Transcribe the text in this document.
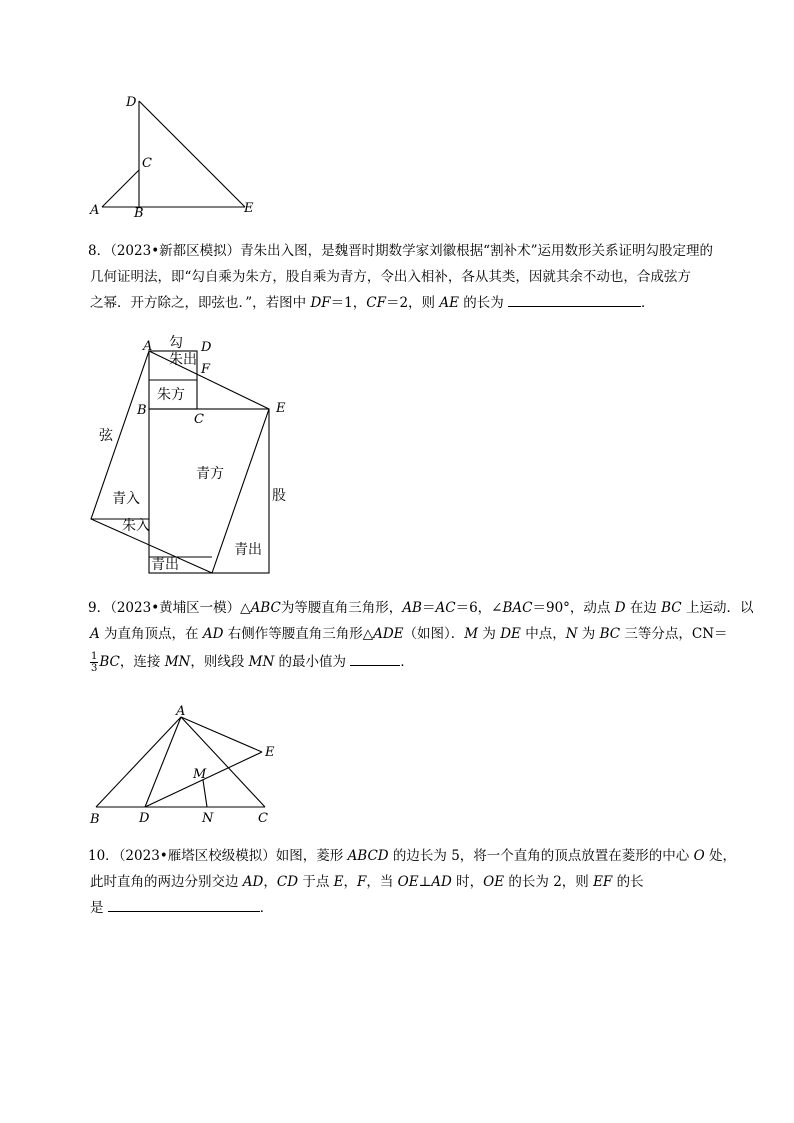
D
C
A	B	E
8．（2023•新都区模拟）青朱出入图，是魏晋时期数学家刘徽根据“割补术”运用数形关系证明勾股定理的
几何证明法，即“勾自乘为朱方，股自乘为青方，令出入相补，各从其类，因就其余不动也，合成弦方
之幂．开方除之，即弦也．”，若图中 DF＝1，CF＝2，则 AE 的长为	．
A	D
F
B
C
E
勾
朱出
朱方
弦
青方
股
青入
朱入
青出
青出
9．（2023•黄埔区一模）△ABC为等腰直角三角形，AB＝AC＝6，∠BAC＝90°，动点 D 在边 BC 上运动．以
A 为直角顶点，在 AD 右侧作等腰直角三角形△ADE（如图）．M 为 DE 中点，N 为 BC 三等分点，CN＝
$\frac{1}{3}$ BC，连接 MN，则线段 MN 的最小值为	．
A
E
M
B	D	N	C
10．（2023•雁塔区校级模拟）如图，菱形 ABCD 的边长为 5，将一个直角的顶点放置在菱形的中心 O 处，
此时直角的两边分别交边 AD，CD 于点 E，F，当 OE⊥AD 时，OE 的长为 2，则 EF 的长
是	．
